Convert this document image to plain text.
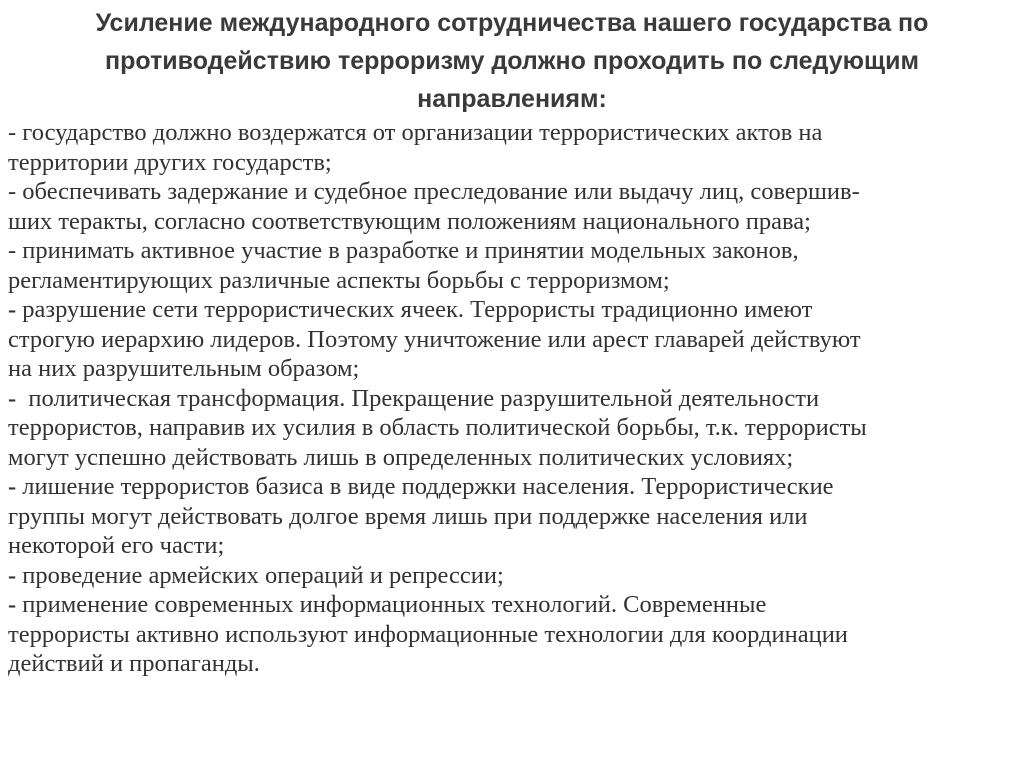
Усиление международного сотрудничества нашего государства по
противодействию терроризму должно проходить по следующим
направлениям:
- государство должно воздержатся от организации террористических актов на
территории других государств;
- обеспечивать задержание и судебное преследование или выдачу лиц, совершив-
ших теракты, согласно соответствующим положениям национального права;
- принимать активное участие в разработке и принятии модельных законов,
регламентирующих различные аспекты борьбы с терроризмом;
- разрушение сети террористических ячеек. Террористы традиционно имеют
строгую иерархию лидеров. Поэтому уничтожение или арест главарей действуют
на них разрушительным образом;
-  политическая трансформация. Прекращение разрушительной деятельности
террористов, направив их усилия в область политической борьбы, т.к. террористы
могут успешно действовать лишь в определенных политических условиях;
- лишение террористов базиса в виде поддержки населения. Террористические
группы могут действовать долгое время лишь при поддержке населения или
некоторой его части;
- проведение армейских операций и репрессии;
- применение современных информационных технологий. Современные
террористы активно используют информационные технологии для координации
действий и пропаганды.
